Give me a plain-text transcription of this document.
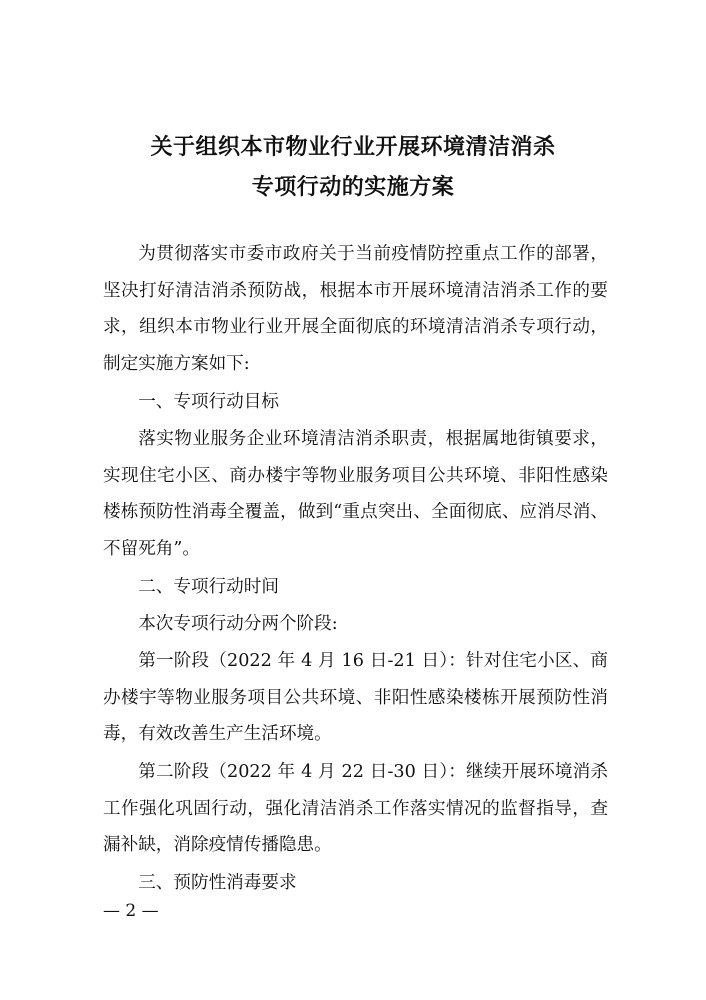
关于组织本市物业行业开展环境清洁消杀
专项行动的实施方案

为贯彻落实市委市政府关于当前疫情防控重点工作的部署，坚决打好清洁消杀预防战，根据本市开展环境清洁消杀工作的要求，组织本市物业行业开展全面彻底的环境清洁消杀专项行动，制定实施方案如下:

一、专项行动目标

落实物业服务企业环境清洁消杀职责，根据属地街镇要求，实现住宅小区、商办楼宇等物业服务项目公共环境、非阳性感染楼栋预防性消毒全覆盖，做到“重点突出、全面彻底、应消尽消、不留死角”。

二、专项行动时间

本次专项行动分两个阶段:

第一阶段（2022 年 4 月 16 日-21 日）：针对住宅小区、商办楼宇等物业服务项目公共环境、非阳性感染楼栋开展预防性消毒，有效改善生产生活环境。

第二阶段（2022 年 4 月 22 日-30 日）：继续开展环境消杀工作强化巩固行动，强化清洁消杀工作落实情况的监督指导，查漏补缺，消除疫情传播隐患。

三、预防性消毒要求

— 2 —
